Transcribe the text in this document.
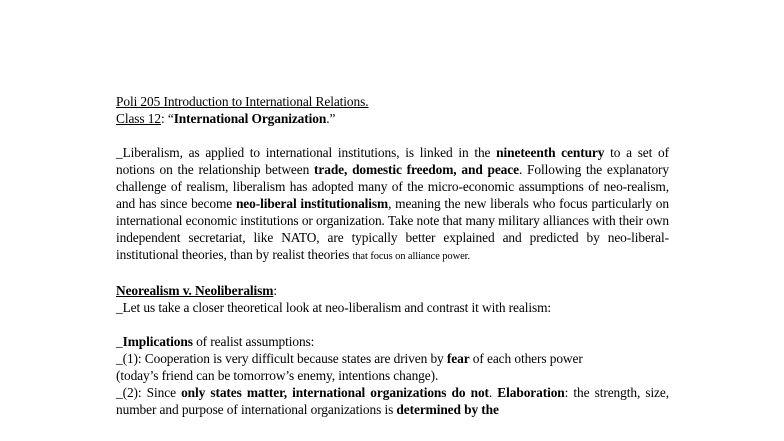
Poli 205 Introduction to International Relations.
Class 12: “International Organization.”
_Liberalism, as applied to international institutions, is linked in the nineteenth century to a set of notions on the relationship between trade, domestic freedom, and peace. Following the explanatory challenge of realism, liberalism has adopted many of the micro-economic assumptions of neo-realism, and has since become neo-liberal institutionalism, meaning the new liberals who focus particularly on international economic institutions or organization. Take note that many military alliances with their own independent secretariat, like NATO, are typically better explained and predicted by neo-liberal-institutional theories, than by realist theories that focus on alliance power.
Neorealism v. Neoliberalism:
_Let us take a closer theoretical look at neo-liberalism and contrast it with realism:
_Implications of realist assumptions:
_(1): Cooperation is very difficult because states are driven by fear of each others power
(today’s friend can be tomorrow’s enemy, intentions change).
_(2): Since only states matter, international organizations do not. Elaboration: the strength, size, number and purpose of international organizations is determined by the
